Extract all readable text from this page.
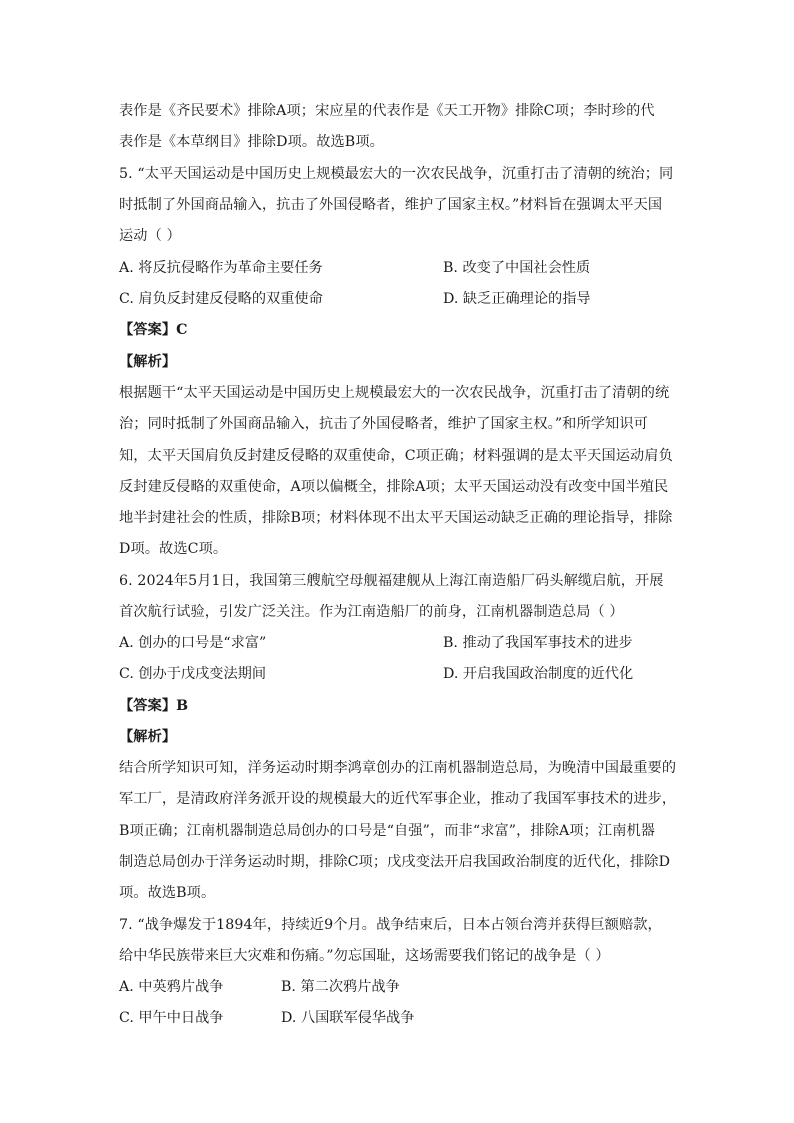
表作是《齐民要术》排除A项；宋应星的代表作是《天工开物》排除C项；李时珍的代
表作是《本草纲目》排除D项。故选B项。
5. “太平天国运动是中国历史上规模最宏大的一次农民战争，沉重打击了清朝的统治；同
时抵制了外国商品输入，抗击了外国侵略者，维护了国家主权。”材料旨在强调太平天国
运动（ ）
A. 将反抗侵略作为革命主要任务	B. 改变了中国社会性质
C. 肩负反封建反侵略的双重使命	D. 缺乏正确理论的指导
【答案】C
【解析】
根据题干“太平天国运动是中国历史上规模最宏大的一次农民战争，沉重打击了清朝的统
治；同时抵制了外国商品输入，抗击了外国侵略者，维护了国家主权。”和所学知识可
知，太平天国肩负反封建反侵略的双重使命，C项正确；材料强调的是太平天国运动肩负
反封建反侵略的双重使命，A项以偏概全，排除A项；太平天国运动没有改变中国半殖民
地半封建社会的性质，排除B项；材料体现不出太平天国运动缺乏正确的理论指导，排除
D项。故选C项。
6. 2024年5月1日，我国第三艘航空母舰福建舰从上海江南造船厂码头解缆启航，开展
首次航行试验，引发广泛关注。作为江南造船厂的前身，江南机器制造总局（ ）
A. 创办的口号是“求富”	B. 推动了我国军事技术的进步
C. 创办于戊戌变法期间	D. 开启我国政治制度的近代化
【答案】B
【解析】
结合所学知识可知，洋务运动时期李鸿章创办的江南机器制造总局，为晚清中国最重要的
军工厂，是清政府洋务派开设的规模最大的近代军事企业，推动了我国军事技术的进步，
B项正确；江南机器制造总局创办的口号是“自强”，而非“求富”，排除A项；江南机器
制造总局创办于洋务运动时期，排除C项；戊戌变法开启我国政治制度的近代化，排除D
项。故选B项。
7. “战争爆发于1894年，持续近9个月。战争结束后，日本占领台湾并获得巨额赔款，
给中华民族带来巨大灾难和伤痛。”勿忘国耻，这场需要我们铭记的战争是（ ）
A. 中英鸦片战争	B. 第二次鸦片战争
C. 甲午中日战争	D. 八国联军侵华战争
